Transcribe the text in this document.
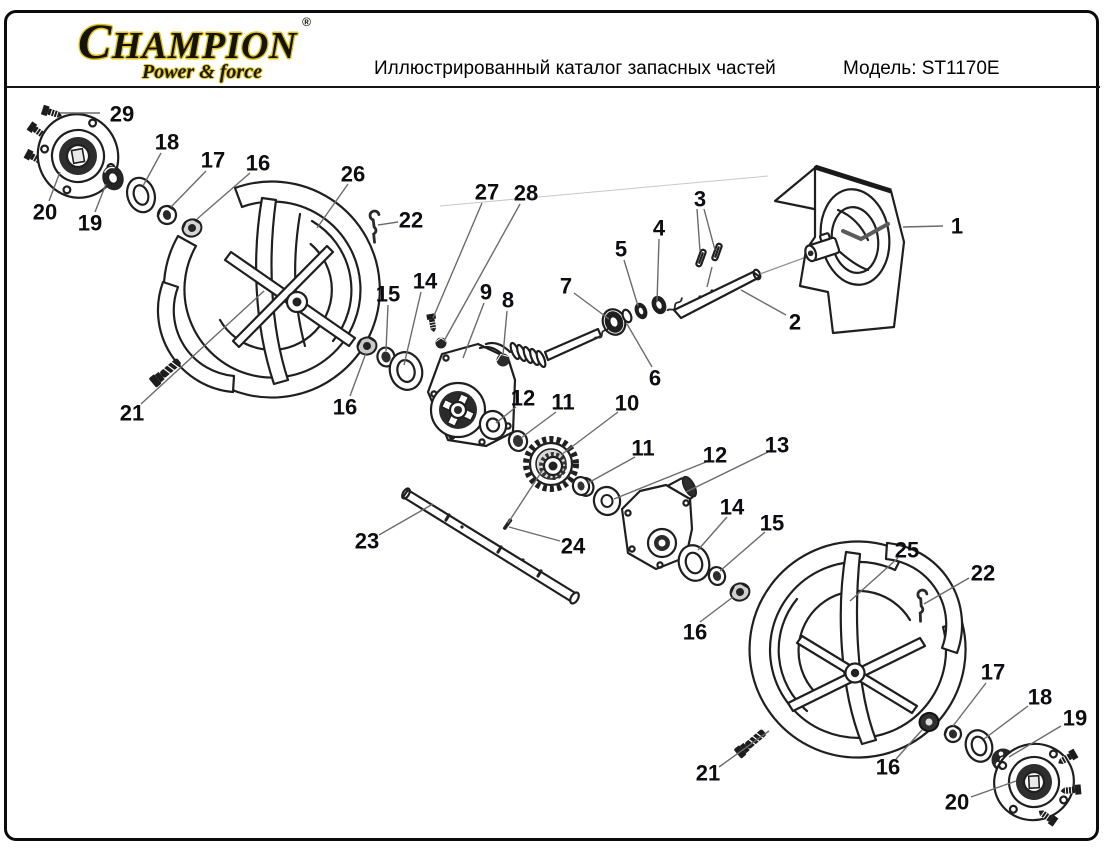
CHAMPION
®
Power & force	Иллюстрированный каталог запасных частей	Модель: ST1170E
29
18
17 16
20 19
26
22
27 28
1
3
4
5
7
2
6
9 8
15
14
16
21
12 11 10
11 12 13
14
15
16
23	24	25
22
17
18
19
16
20
21
